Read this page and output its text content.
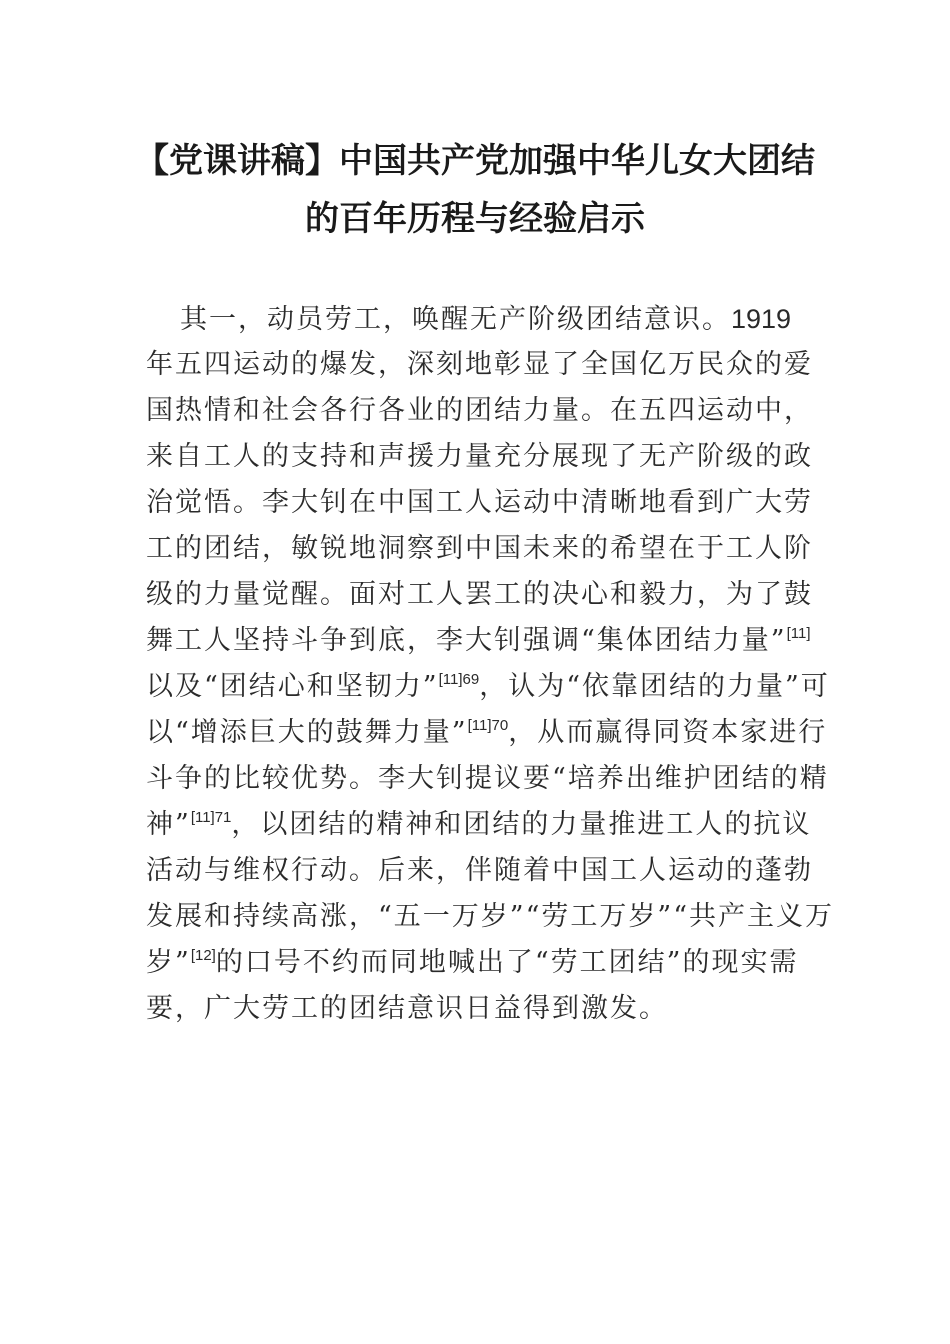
【党课讲稿】中国共产党加强中华儿女大团结
的百年历程与经验启示
其一，动员劳工，唤醒无产阶级团结意识。1919
年五四运动的爆发，深刻地彰显了全国亿万民众的爱
国热情和社会各行各业的团结力量。在五四运动中，
来自工人的支持和声援力量充分展现了无产阶级的政
治觉悟。李大钊在中国工人运动中清晰地看到广大劳
工的团结，敏锐地洞察到中国未来的希望在于工人阶
级的力量觉醒。面对工人罢工的决心和毅力，为了鼓
舞工人坚持斗争到底，李大钊强调“集体团结力量”[11]
以及“团结心和坚韧力”$^{[11]69}$，认为“依靠团结的力量”可
以“增添巨大的鼓舞力量”$^{[11]70}$，从而赢得同资本家进行
斗争的比较优势。李大钊提议要“培养出维护团结的精
神”$^{[11]71}$，以团结的精神和团结的力量推进工人的抗议
活动与维权行动。后来，伴随着中国工人运动的蓬勃
发展和持续高涨，“五一万岁”“劳工万岁”“共产主义万
岁”[12]的口号不约而同地喊出了“劳工团结”的现实需
要，广大劳工的团结意识日益得到激发。
